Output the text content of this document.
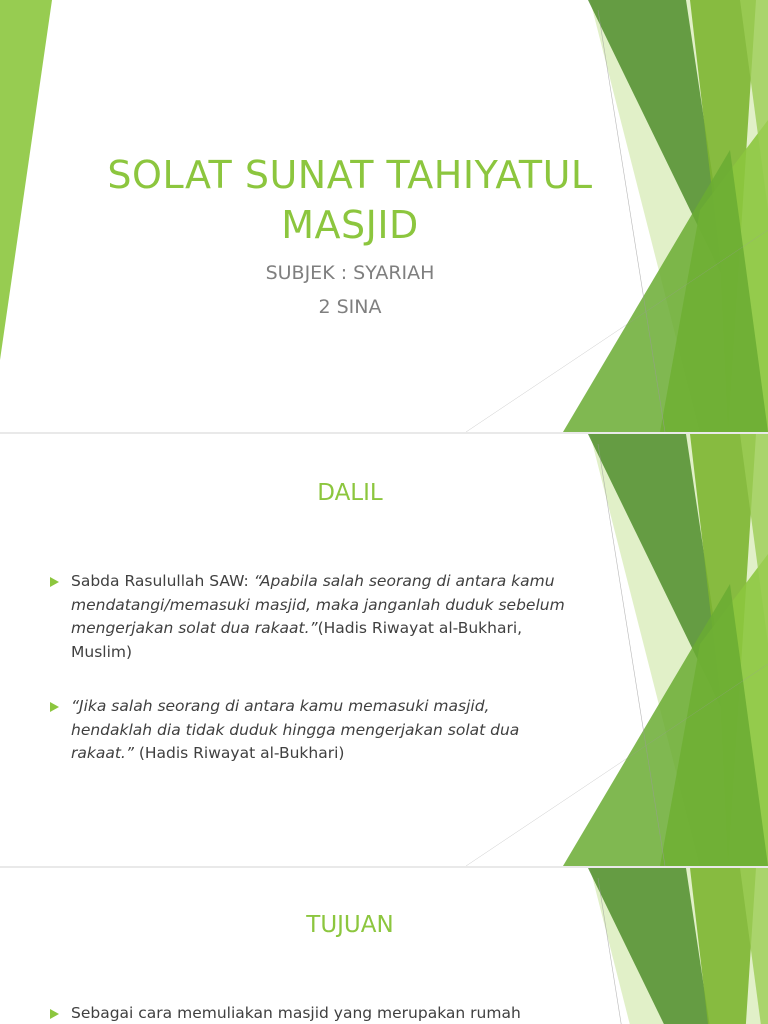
SOLAT SUNAT TAHIYATUL MASJID

SUBJEK : SYARIAH

2 SINA

DALIL
Sabda Rasulullah SAW: “Apabila salah seorang di antara kamu mendatangi/memasuki masjid, maka janganlah duduk sebelum mengerjakan solat dua rakaat.”(Hadis Riwayat al-Bukhari, Muslim)
“Jika salah seorang di antara kamu memasuki masjid, hendaklah dia tidak duduk hingga mengerjakan solat dua rakaat.” (Hadis Riwayat al-Bukhari)
TUJUAN
Sebagai cara memuliakan masjid yang merupakan rumah
